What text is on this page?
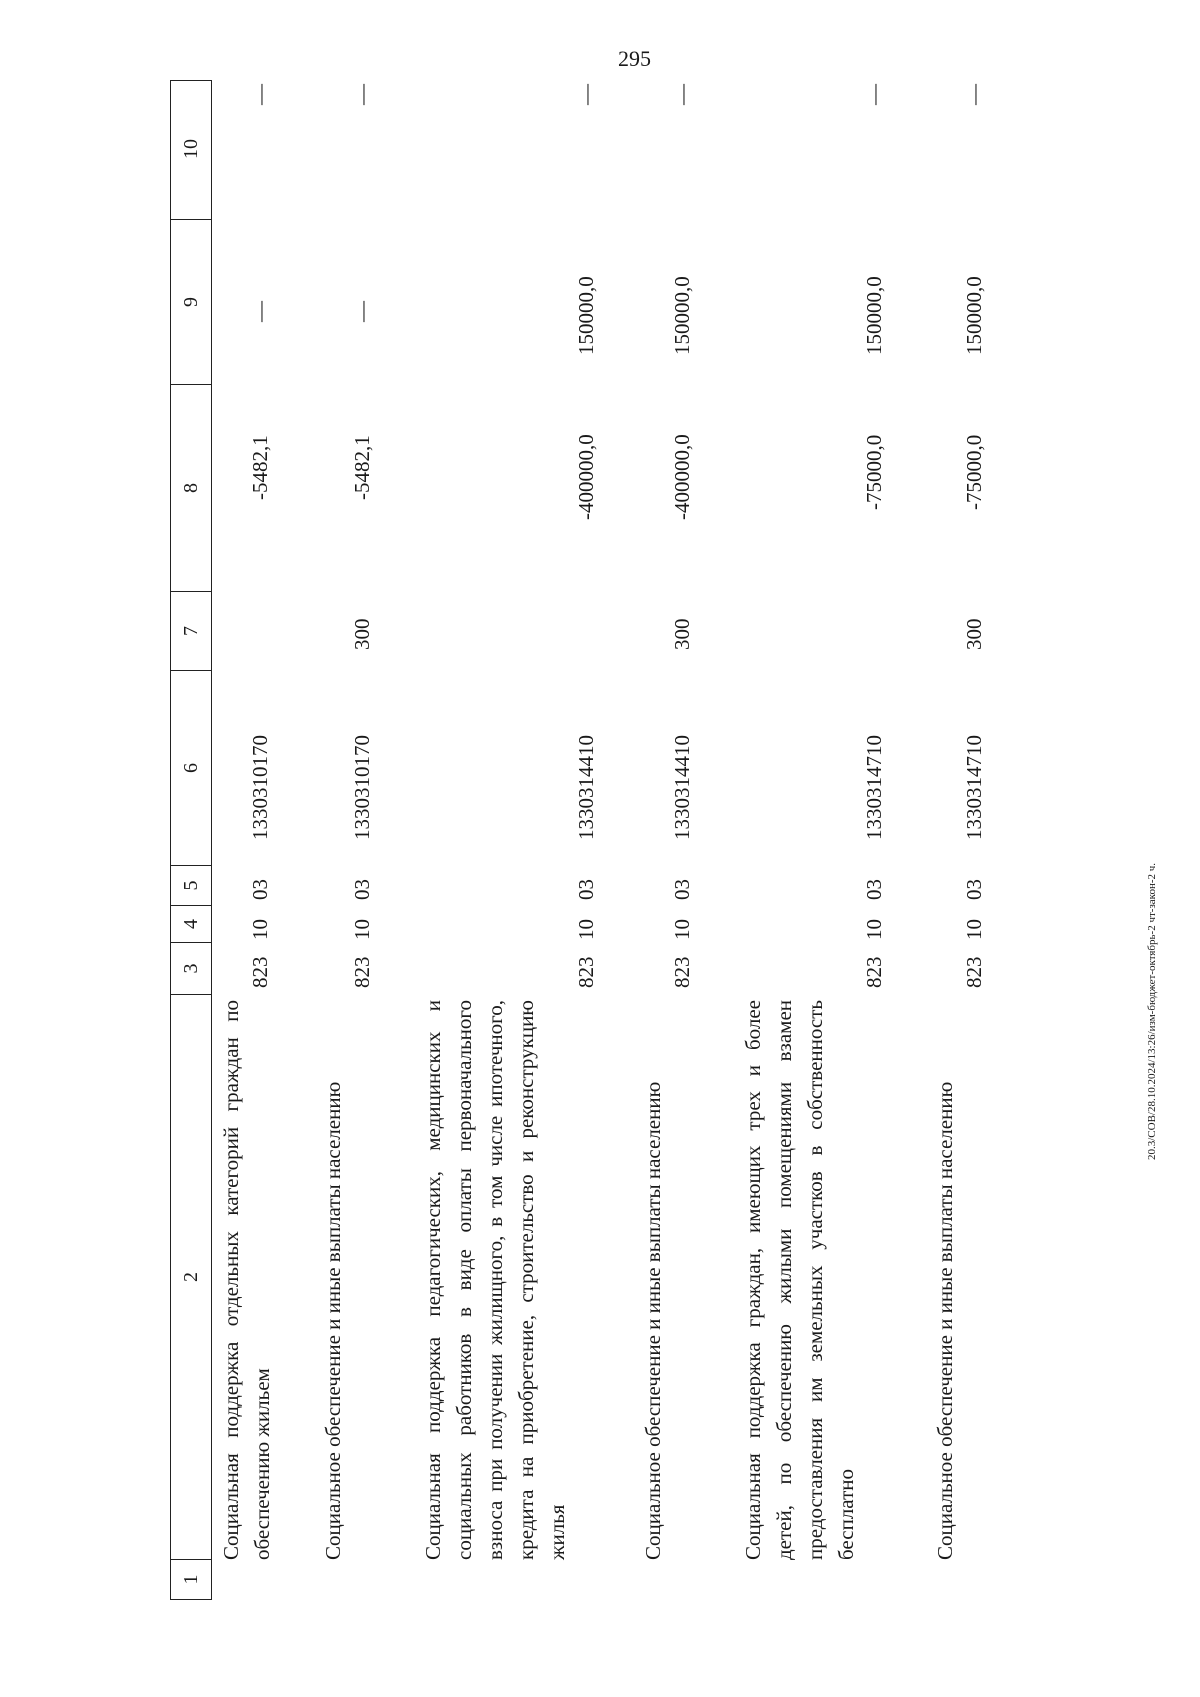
295
20.3/СОВ/28.10.2024/13:26/изм-бюджет-октябрь-2 чт-закон-2 ч.
1
2
3
4
5
6
7
8
9
10
Социальная поддержка отдельных категорий граждан по обеспечению жильем
823
10
03
1330310170
-5482,1
—
—
Социальное обеспечение и иные выплаты населению
823
10
03
1330310170
300
-5482,1
—
—
Социальная поддержка педагогических, медицинских и социальных работников в виде оплаты первоначального взноса при получении жилищного, в том числе ипотечного, кредита на приобретение, строительство и реконструкцию жилья
823
10
03
1330314410
-400000,0
150000,0
—
Социальное обеспечение и иные выплаты населению
823
10
03
1330314410
300
-400000,0
150000,0
—
Социальная поддержка граждан, имеющих трех и более детей, по обеспечению жилыми помещениями взамен предоставления им земельных участков в собственность бесплатно
823
10
03
1330314710
-75000,0
150000,0
—
Социальное обеспечение и иные выплаты населению
823
10
03
1330314710
300
-75000,0
150000,0
—
